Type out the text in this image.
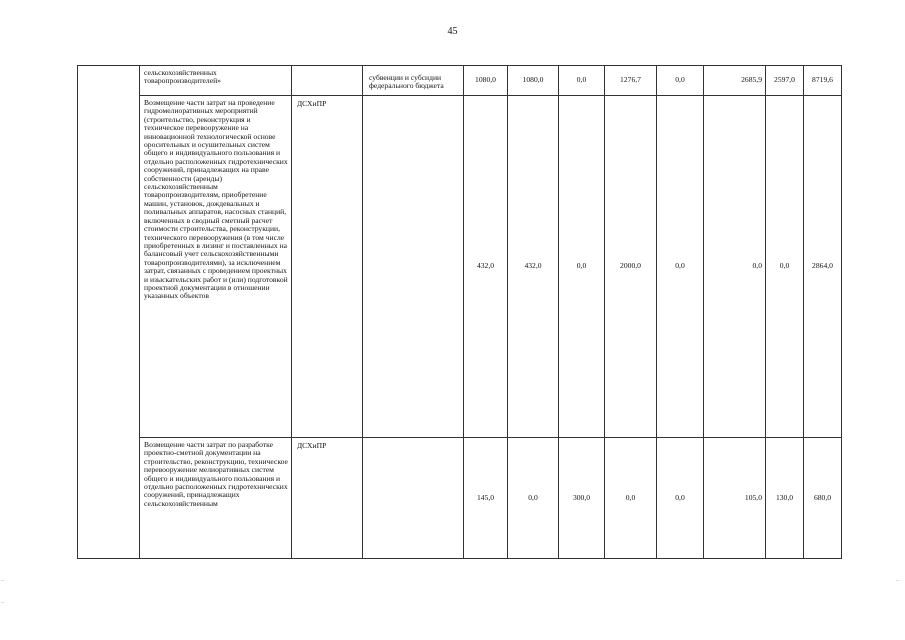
45
	сельскохозяйственных товаропроизводителей»		субвенции и субсидии федерального бюджета	1080,0	1080,0	0,0	1276,7	0,0	2685,9	2597,0	8719,6
	Возмещение части затрат на проведение гидромелиоративных мероприятий (строительство, реконструкция и техническое перевооружение на инновационной технологической основе оросительных и осушительных систем общего и индивидуального пользования и отдельно расположенных гидротехнических сооружений, принадлежащих на праве собственности (аренды) сельскохозяйственным товаропроизводителям, приобретение машин, установок, дождевальных и поливальных аппаратов, насосных станций, включенных в сводный сметный расчет стоимости строительства, реконструкции, технического перевооружения (в том числе приобретенных в лизинг и поставленных на балансовый учет сельскохозяйственными товаропроизводителями), за исключением затрат, связанных с проведением проектных и изыскательских работ и (или) подготовкой проектной документации в отношении указанных объектов	ДСХиПР		432,0	432,0	0,0	2000,0	0,0	0,0	0,0	2864,0
	Возмещение части затрат по разработке проектно-сметной документации на строительство, реконструкцию, техническое перевооружение мелиоративных систем общего и индивидуального пользования и отдельно расположенных гидротехнических сооружений, принадлежащих сельскохозяйственным	ДСХиПР		145,0	0,0	300,0	0,0	0,0	105,0	130,0	680,0
–
–
–
